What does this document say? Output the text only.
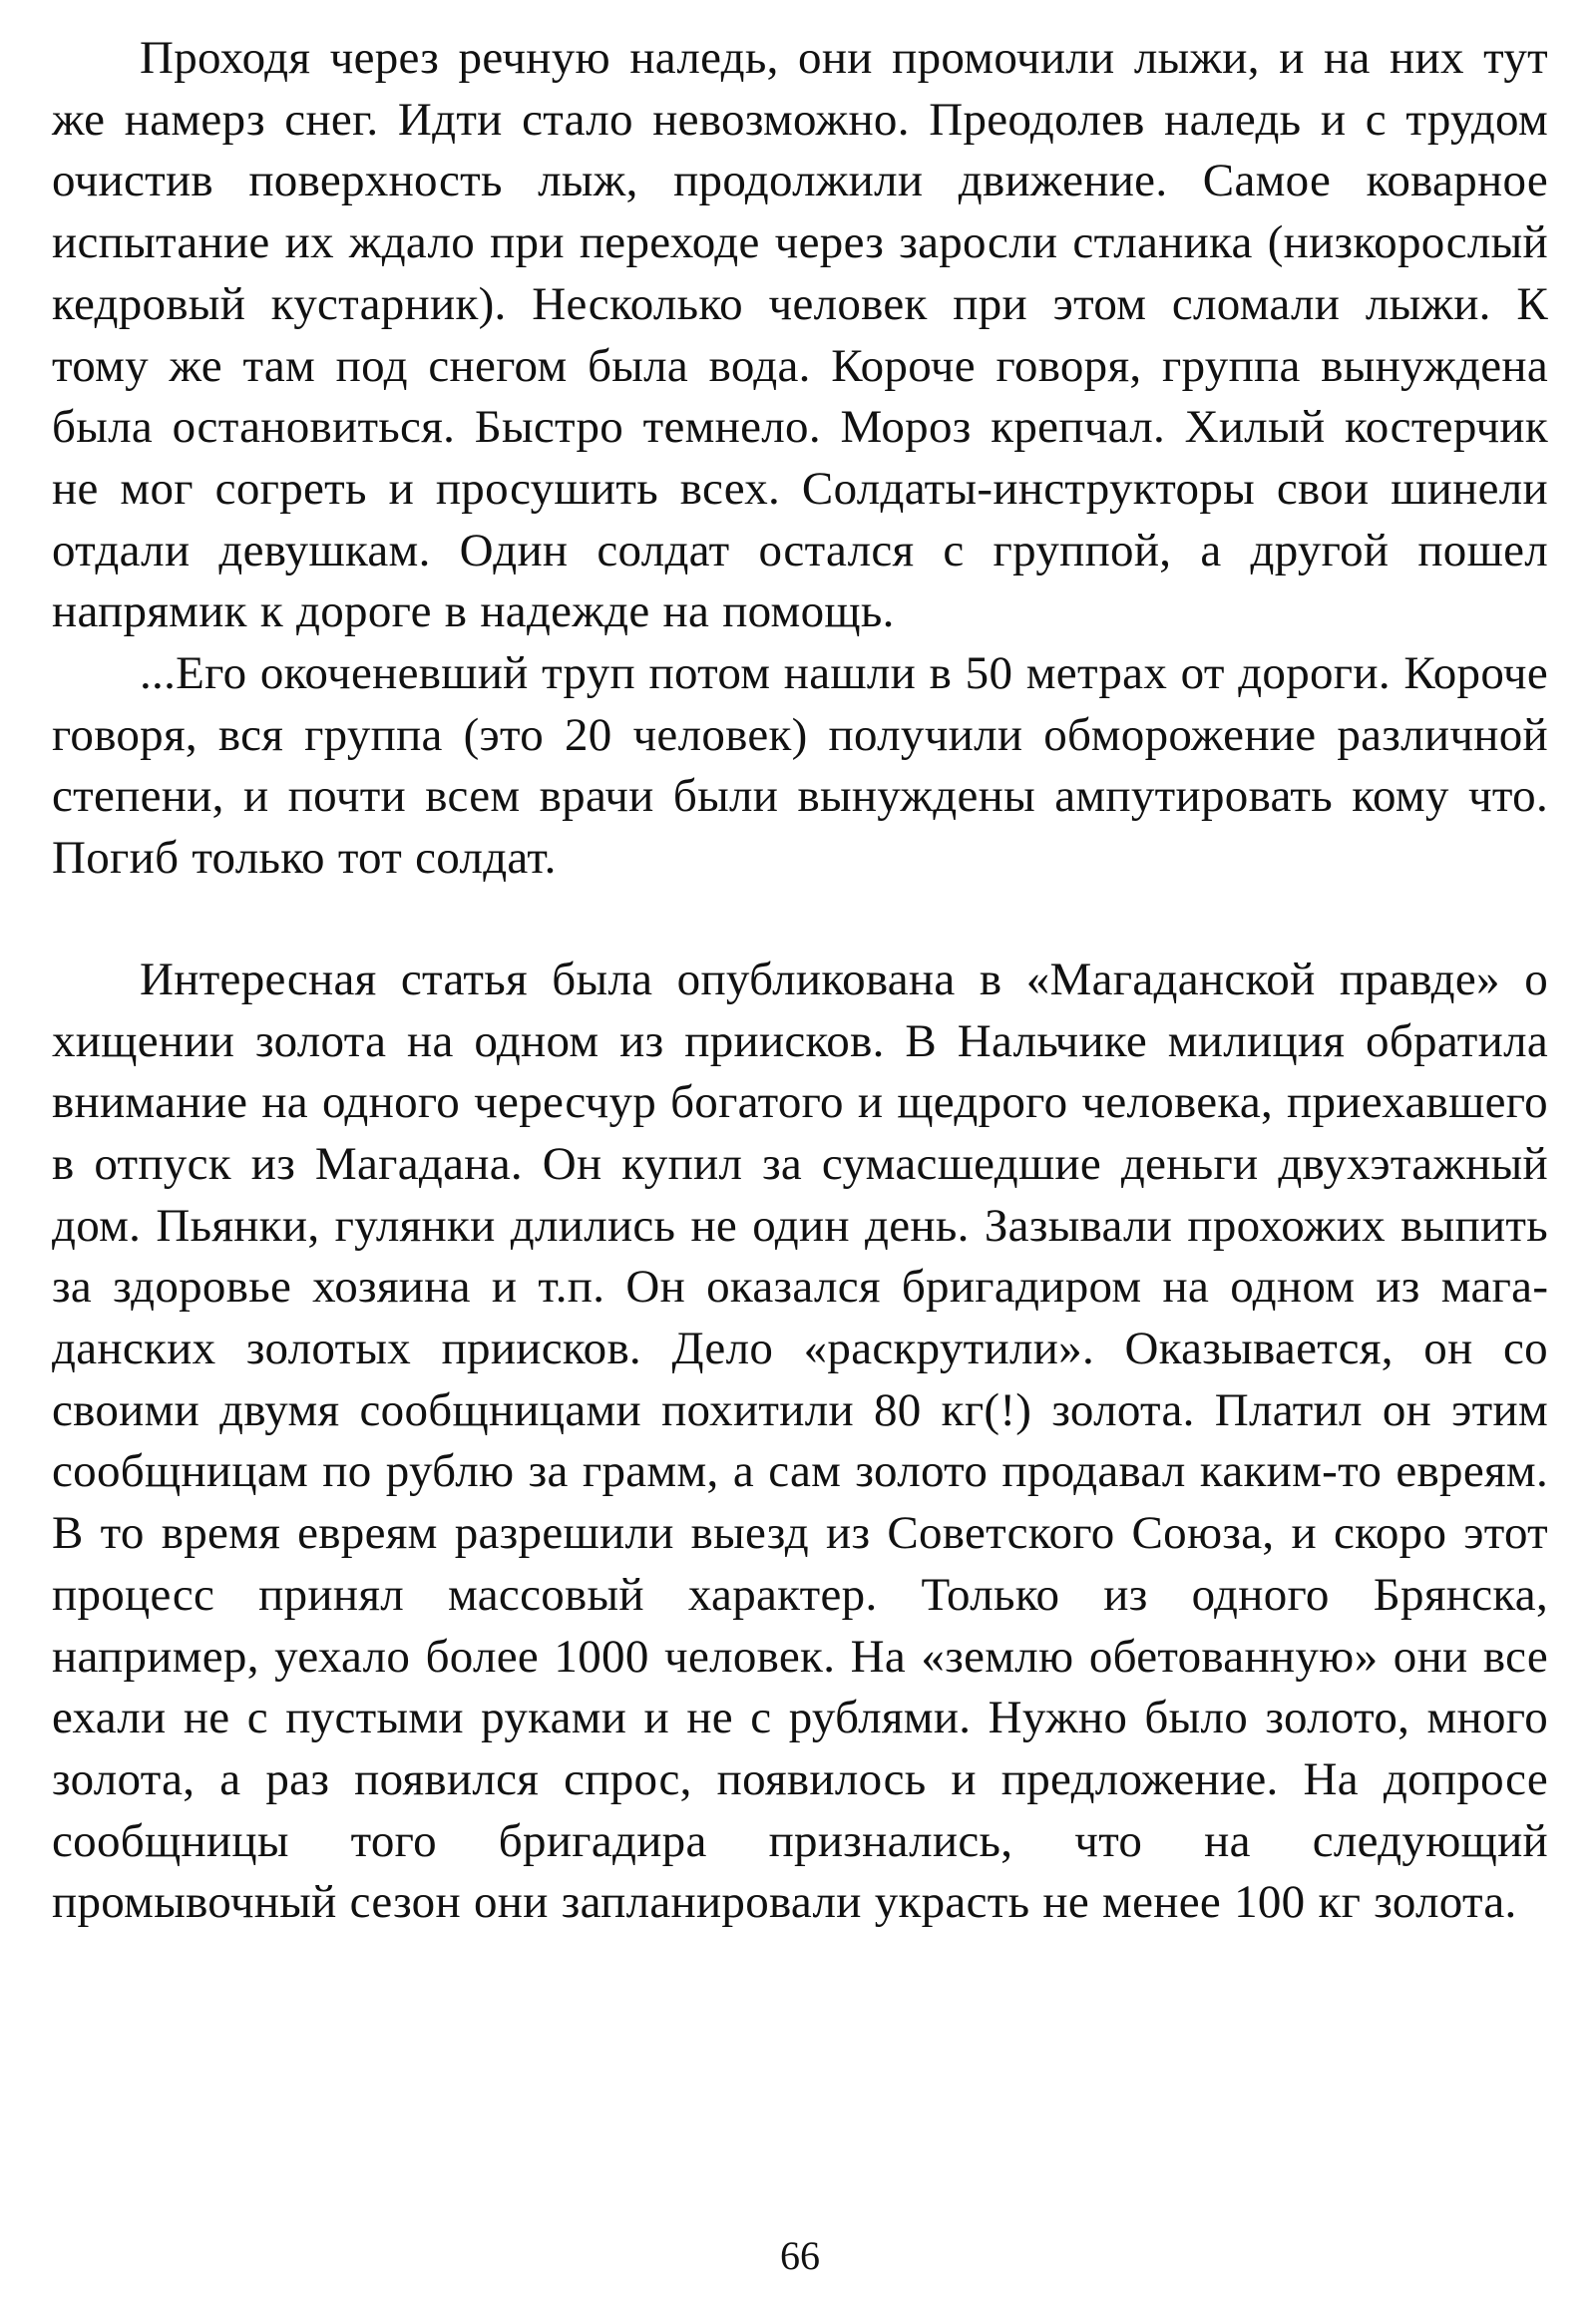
Проходя через речную наледь, они промочили лыжи, и на них тут же намерз снег. Идти стало невозможно. Преодолев наледь и с трудом очистив поверхность лыж, продолжили движение. Самое коварное испытание их ждало при переходе через заросли стланика (низкорослый кедровый кустарник). Несколько человек при этом сломали лыжи. К тому же там под снегом была вода. Короче говоря, группа вынуждена была остановиться. Быстро темнело. Мороз крепчал. Хилый костерчик не мог согреть и просушить всех. Солдаты-инструкторы свои шинели отдали девушкам. Один солдат остался с группой, а другой пошел напрямик к дороге в надежде на помощь.

...Его окоченевший труп потом нашли в 50 метрах от дороги. Короче говоря, вся группа (это 20 человек) получили обморожение различной степени, и почти всем врачи были вынуждены ампутировать кому что. Погиб только тот солдат.

Интересная статья была опубликована в «Магаданской правде» о хищении золота на одном из приисков. В Нальчике милиция обратила внимание на одного чересчур богатого и щедрого человека, приехавшего в отпуск из Магадана. Он купил за сумасшедшие деньги двухэтажный дом. Пьянки, гулянки длились не один день. Зазывали прохожих выпить за здоровье хозяина и т.п. Он оказался бригадиром на одном из магаданских золотых приисков. Дело «раскрутили». Оказывается, он со своими двумя сообщницами похитили 80 кг(!) золота. Платил он этим сообщницам по рублю за грамм, а сам золото продавал каким-то евреям. В то время евреям разрешили выезд из Советского Союза, и скоро этот процесс принял массовый характер. Только из одного Брянска, например, уехало более 1000 человек. На «землю обетованную» они все ехали не с пустыми руками и не с рублями. Нужно было золото, много золота, а раз появился спрос, появилось и предложение. На допросе сообщницы того бригадира признались, что на следующий промывочный сезон они запланировали украсть не менее 100 кг золота.

66
